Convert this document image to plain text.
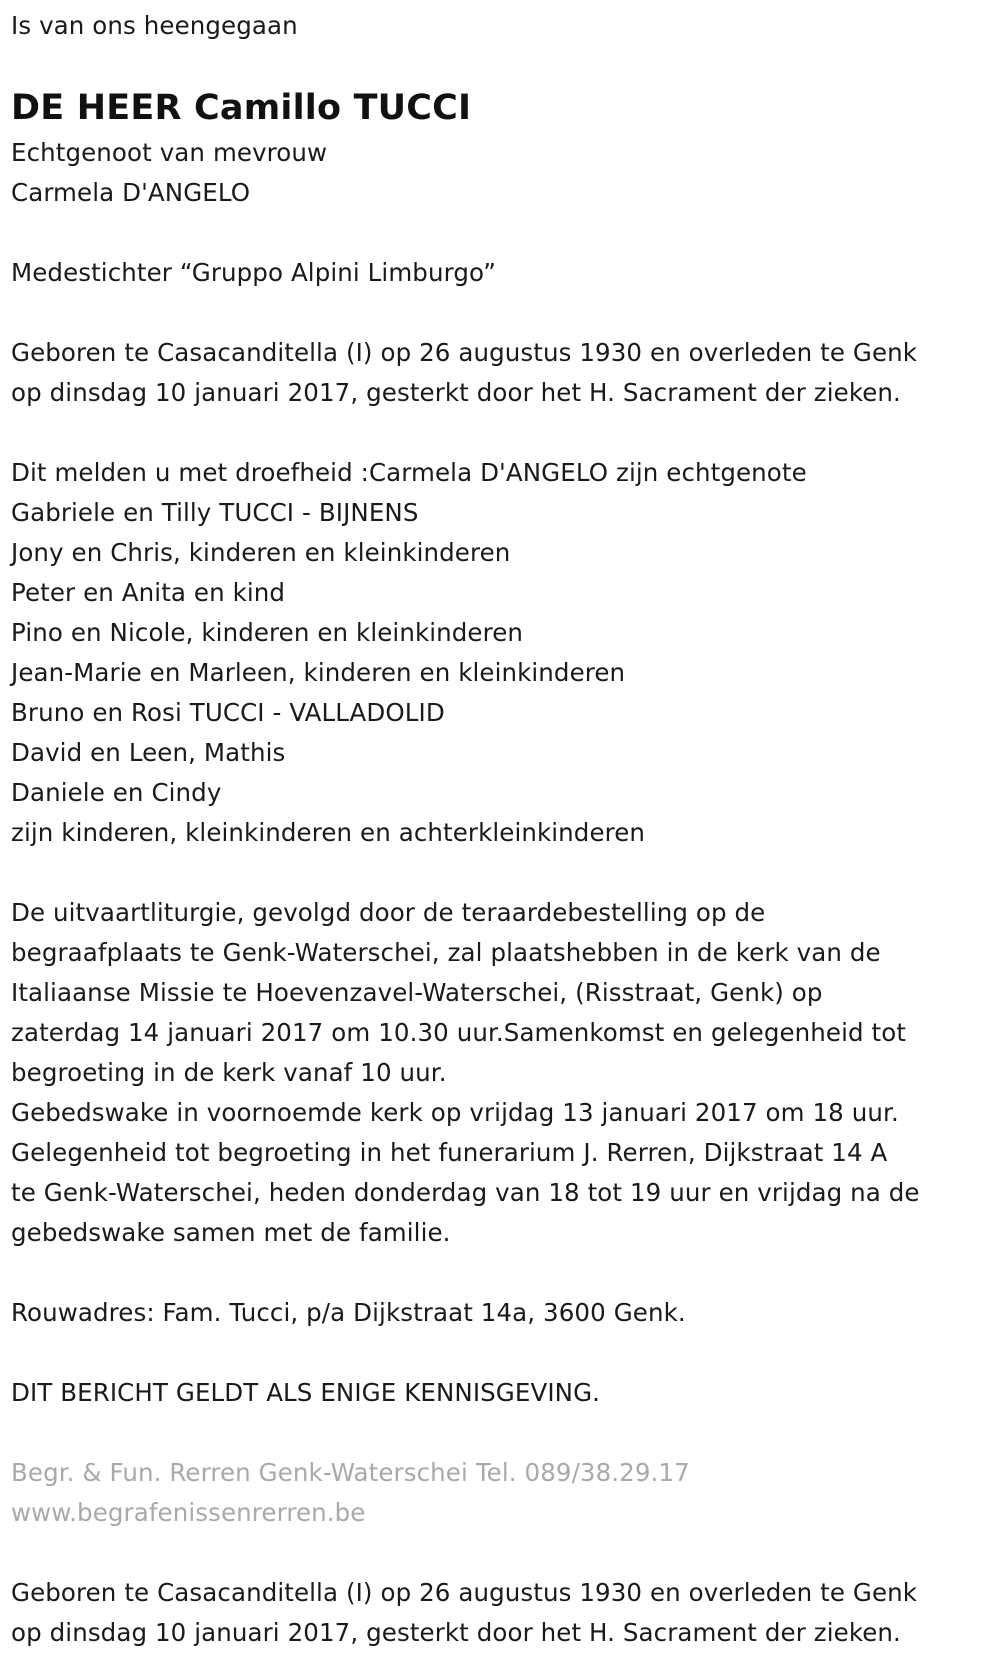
Is van ons heengegaan
DE HEER Camillo TUCCI
Echtgenoot van mevrouw
Carmela D'ANGELO
Medestichter “Gruppo Alpini Limburgo”
Geboren te Casacanditella (I) op 26 augustus 1930 en overleden te Genk
op dinsdag 10 januari 2017, gesterkt door het H. Sacrament der zieken.
Dit melden u met droefheid :Carmela D'ANGELO zijn echtgenote
Gabriele en Tilly TUCCI - BIJNENS
Jony en Chris, kinderen en kleinkinderen
Peter en Anita en kind
Pino en Nicole, kinderen en kleinkinderen
Jean-Marie en Marleen, kinderen en kleinkinderen
Bruno en Rosi TUCCI - VALLADOLID
David en Leen, Mathis
Daniele en Cindy
zijn kinderen, kleinkinderen en achterkleinkinderen
De uitvaartliturgie, gevolgd door de teraardebestelling op de
begraafplaats te Genk-Waterschei, zal plaatshebben in de kerk van de
Italiaanse Missie te Hoevenzavel-Waterschei, (Risstraat, Genk) op
zaterdag 14 januari 2017 om 10.30 uur.Samenkomst en gelegenheid tot
begroeting in de kerk vanaf 10 uur.
Gebedswake in voornoemde kerk op vrijdag 13 januari 2017 om 18 uur.
Gelegenheid tot begroeting in het funerarium J. Rerren, Dijkstraat 14 A
te Genk-Waterschei, heden donderdag van 18 tot 19 uur en vrijdag na de
gebedswake samen met de familie.
Rouwadres: Fam. Tucci, p/a Dijkstraat 14a, 3600 Genk.
DIT BERICHT GELDT ALS ENIGE KENNISGEVING.
Begr. & Fun. Rerren Genk-Waterschei Tel. 089/38.29.17
www.begrafenissenrerren.be
Geboren te Casacanditella (I) op 26 augustus 1930 en overleden te Genk
op dinsdag 10 januari 2017, gesterkt door het H. Sacrament der zieken.
